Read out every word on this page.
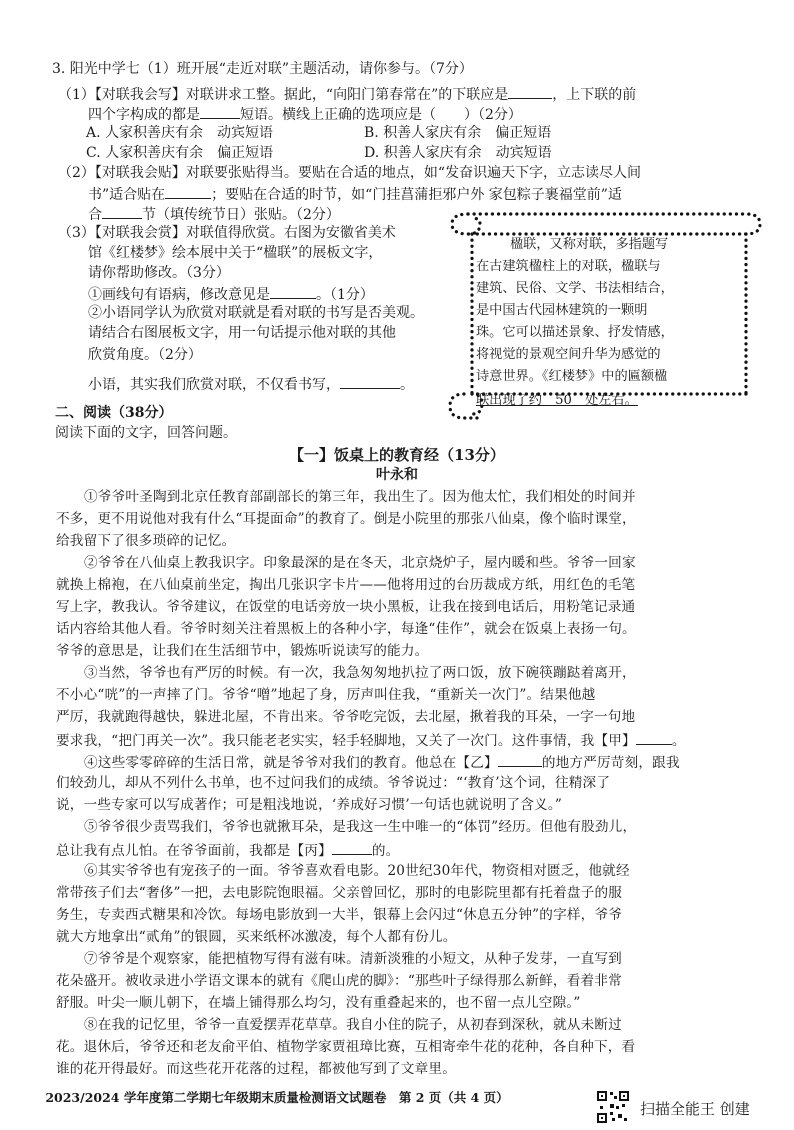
3. 阳光中学七（1）班开展“走近对联”主题活动，请你参与。（7分）
（1）【对联我会写】对联讲求工整。据此，“向阳门第春常在”的下联应是	，上下联的前
四个字构成的都是	短语。横线上正确的选项应是（　　）（2分）
A. 人家积善庆有余　动宾短语	B. 积善人家庆有余　偏正短语
C. 人家积善庆有余　偏正短语	D. 积善人家庆有余　动宾短语
（2）【对联我会贴】对联要张贴得当。要贴在合适的地点，如“发奋识遍天下字，立志读尽人间
书”适合贴在	；要贴在合适的时节，如“门挂菖蒲拒邪户外 家包粽子裹福堂前”适
合	节（填传统节日）张贴。（2分）
（3）【对联我会赏】对联值得欣赏。右图为安徽省美术
馆《红楼梦》绘本展中关于“楹联”的展板文字，
请你帮助修改。（3分）
①画线句有语病，修改意见是	。（1分）
②小语同学认为欣赏对联就是看对联的书写是否美观。
请结合右图展板文字，用一句话提示他对联的其他
欣赏角度。（2分）
小语，其实我们欣赏对联，不仅看书写，	。
楹联，又称对联，多指题写
在古建筑楹柱上的对联，楹联与
建筑、民俗、文学、书法相结合，
是中国古代园林建筑的一颗明
珠。它可以描述景象、抒发情感，
将视觉的景观空间升华为感觉的
诗意世界。《红楼梦》中的匾额楹
联出现了约　50　处左右。
二、阅读（38分）
阅读下面的文字，回答问题。
【一】饭桌上的教育经（13分）
叶永和
①爷爷叶圣陶到北京任教育部副部长的第三年，我出生了。因为他太忙，我们相处的时间并
不多，更不用说他对我有什么“耳提面命”的教育了。倒是小院里的那张八仙桌，像个临时课堂，
给我留下了很多琐碎的记忆。
②爷爷在八仙桌上教我识字。印象最深的是在冬天，北京烧炉子，屋内暖和些。爷爷一回家
就换上棉袍，在八仙桌前坐定，掏出几张识字卡片——他将用过的台历裁成方纸，用红色的毛笔
写上字，教我认。爷爷建议，在饭堂的电话旁放一块小黑板，让我在接到电话后，用粉笔记录通
话内容给其他人看。爷爷时刻关注着黑板上的各种小字，每逢“佳作”，就会在饭桌上表扬一句。
爷爷的意思是，让我们在生活细节中，锻炼听说读写的能力。
③当然，爷爷也有严厉的时候。有一次，我急匆匆地扒拉了两口饭，放下碗筷蹦跶着离开，
不小心“咣”的一声摔了门。爷爷“噌”地起了身，厉声叫住我，“重新关一次门”。结果他越
严厉，我就跑得越快，躲进北屋，不肯出来。爷爷吃完饭，去北屋，揪着我的耳朵，一字一句地
要求我，“把门再关一次”。我只能老老实实，轻手轻脚地，又关了一次门。这件事情，我【甲】	。
④这些零零碎碎的生活日常，就是爷爷对我们的教育。他总在【乙】	的地方严厉苛刻，跟我
们较劲儿，却从不列什么书单，也不过问我们的成绩。爷爷说过：“‘教育’这个词，往精深了
说，一些专家可以写成著作；可是粗浅地说，‘养成好习惯’一句话也就说明了含义。”
⑤爷爷很少责骂我们，爷爷也就揪耳朵，是我这一生中唯一的“体罚”经历。但他有股劲儿，
总让我有点儿怕。在爷爷面前，我都是【丙】	的。
⑥其实爷爷也有宠孩子的一面。爷爷喜欢看电影。20世纪30年代，物资相对匮乏，他就经
常带孩子们去“奢侈”一把，去电影院饱眼福。父亲曾回忆，那时的电影院里都有托着盘子的服
务生，专卖西式糖果和冷饮。每场电影放到一大半，银幕上会闪过“休息五分钟”的字样，爷爷
就大方地拿出“贰角”的银圆，买来纸杯冰激凌，每个人都有份儿。
⑦爷爷是个观察家，能把植物写得有滋有味。清新淡雅的小短文，从种子发芽，一直写到
花朵盛开。被收录进小学语文课本的就有《爬山虎的脚》：“那些叶子绿得那么新鲜，看着非常
舒服。叶尖一顺儿朝下，在墙上铺得那么均匀，没有重叠起来的，也不留一点儿空隙。”
⑧在我的记忆里，爷爷一直爱摆弄花草草。我自小住的院子，从初春到深秋，就从未断过
花。退休后，爷爷还和老友俞平伯、植物学家贾祖璋比赛，互相寄牵牛花的花种，各自种下，看
谁的花开得最好。而这些花开花落的过程，都被他写到了文章里。
2023/2024 学年度第二学期七年级期末质量检测语文试题卷　第 2 页（共 4 页）
扫描全能王 创建
